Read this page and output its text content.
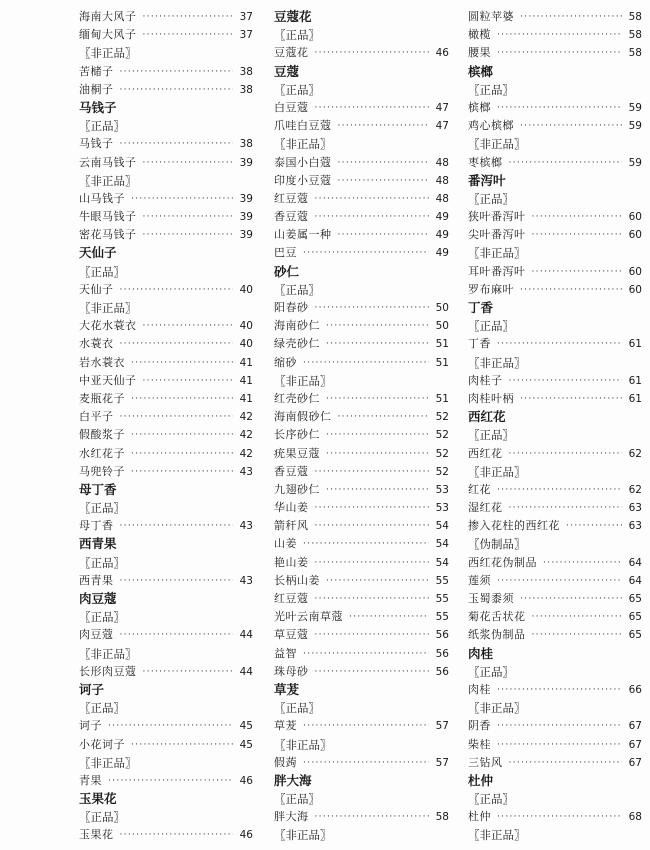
海南大风子 ·····	37
缅甸大风子 ·····	37
〖非正品〗
苦槠子 ·····	38
油桐子 ·····	38
马钱子
〖正品〗
马钱子 ·····	38
云南马钱子 ·····	39
〖非正品〗
山马钱子 ·····	39
牛眼马钱子 ·····	39
密花马钱子 ·····	39
天仙子
〖正品〗
天仙子 ·····	40
〖非正品〗
大花水蓑衣 ·····	40
水蓑衣 ·····	40
岩水蓑衣 ·····	41
中亚天仙子 ·····	41
麦瓶花子 ·····	41
白平子 ·····	42
假酸浆子 ·····	42
水红花子 ·····	42
马兜铃子 ·····	43
母丁香
〖正品〗
母丁香 ·····	43
西青果
〖正品〗
西青果 ·····	43
肉豆蔻
〖正品〗
肉豆蔻 ·····	44
〖非正品〗
长形肉豆蔻 ·····	44
诃子
〖正品〗
诃子 ·····	45
小花诃子 ·····	45
〖非正品〗
青果 ·····	46
玉果花
〖正品〗
玉果花 ·····	46
豆蔻花
〖正品〗
豆蔻花 ·····	46
豆蔻
〖正品〗
白豆蔻 ·····	47
爪哇白豆蔻 ·····	47
〖非正品〗
泰国小白蔻 ·····	48
印度小豆蔻 ·····	48
红豆蔻 ·····	48
香豆蔻 ·····	49
山姜属一种 ·····	49
巴豆 ·····	49
砂仁
〖正品〗
阳春砂 ·····	50
海南砂仁 ·····	50
绿壳砂仁 ·····	51
缩砂 ·····	51
〖非正品〗
红壳砂仁 ·····	51
海南假砂仁 ·····	52
长序砂仁 ·····	52
疣果豆蔻 ·····	52
香豆蔻 ·····	52
九翅砂仁 ·····	53
华山姜 ·····	53
箭秆风 ·····	54
山姜 ·····	54
艳山姜 ·····	54
长柄山姜 ·····	55
红豆蔻 ·····	55
光叶云南草蔻 ·····	55
草豆蔻 ·····	56
益智 ·····	56
珠母砂 ·····	56
草茇
〖正品〗
草茇 ·····	57
〖非正品〗
假蒟 ·····	57
胖大海
〖正品〗
胖大海 ·····	58
〖非正品〗
圆粒苹婆 ·····	58
橄榄 ·····	58
腰果 ·····	58
槟榔
〖正品〗
槟榔 ·····	59
鸡心槟榔 ·····	59
〖非正品〗
枣槟榔 ·····	59
番泻叶
〖正品〗
狭叶番泻叶 ·····	60
尖叶番泻叶 ·····	60
〖非正品〗
耳叶番泻叶 ·····	60
罗布麻叶 ·····	60
丁香
〖正品〗
丁香 ·····	61
〖非正品〗
肉桂子 ·····	61
肉桂叶柄 ·····	61
西红花
〖正品〗
西红花 ·····	62
〖非正品〗
红花 ·····	62
湿红花 ·····	63
掺入花柱的西红花 ·····	63
〖伪制品〗
西红花伪制品 ·····	64
莲须 ·····	64
玉蜀黍须 ·····	65
菊花舌状花 ·····	65
纸浆伪制品 ·····	65
肉桂
〖正品〗
肉桂 ·····	66
〖非正品〗
阴香 ·····	67
柴桂 ·····	67
三钻风 ·····	67
杜仲
〖正品〗
杜仲 ·····	68
〖非正品〗
